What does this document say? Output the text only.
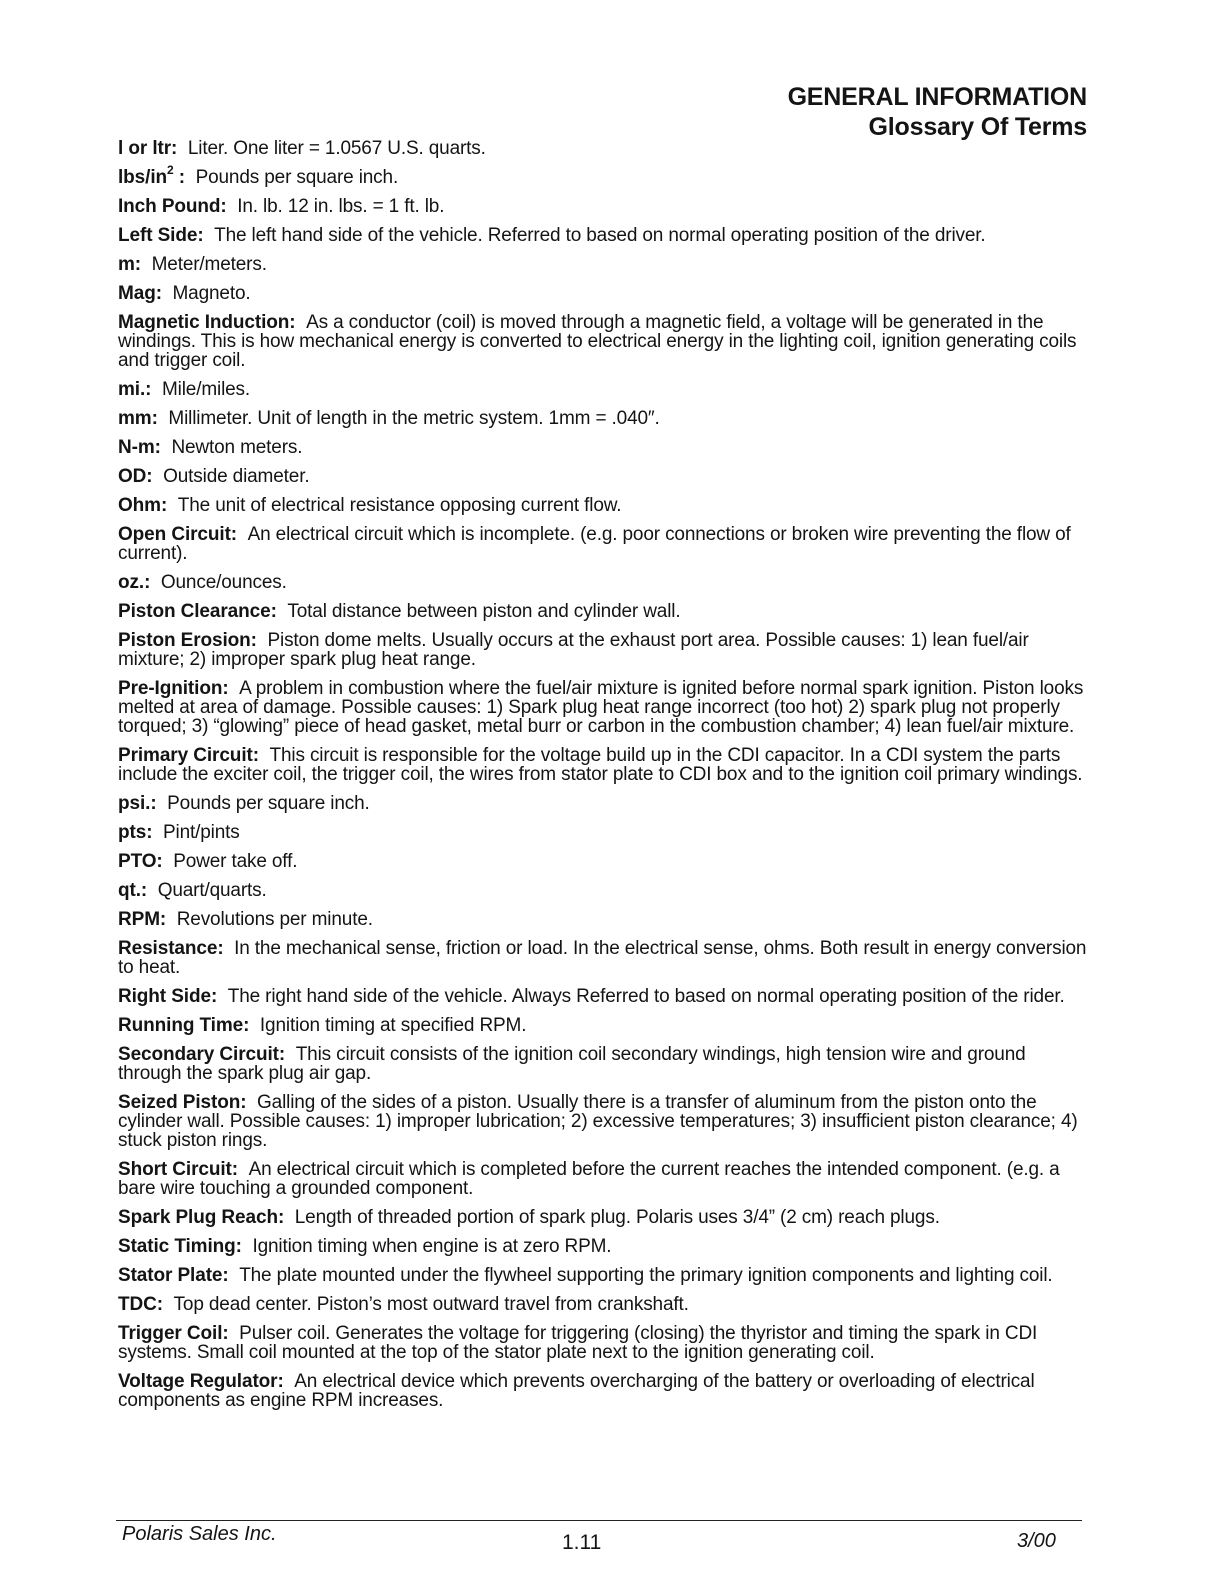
GENERAL INFORMATION
Glossary Of Terms

l or ltr: Liter. One liter = 1.0567 U.S. quarts.

lbs/$in^2$ : Pounds per square inch.

Inch Pound: In. lb. 12 in. lbs. = 1 ft. lb.

Left Side: The left hand side of the vehicle. Referred to based on normal operating position of the driver.

m: Meter/meters.

Mag: Magneto.

Magnetic Induction: As a conductor (coil) is moved through a magnetic field, a voltage will be generated in the windings. This is how mechanical energy is converted to electrical energy in the lighting coil, ignition generating coils and trigger coil.

mi.: Mile/miles.

mm: Millimeter. Unit of length in the metric system. 1mm = .040″.

N-m: Newton meters.

OD: Outside diameter.

Ohm: The unit of electrical resistance opposing current flow.

Open Circuit: An electrical circuit which is incomplete. (e.g. poor connections or broken wire preventing the flow of current).

oz.: Ounce/ounces.

Piston Clearance: Total distance between piston and cylinder wall.

Piston Erosion: Piston dome melts. Usually occurs at the exhaust port area. Possible causes: 1) lean fuel/air mixture; 2) improper spark plug heat range.

Pre-Ignition: A problem in combustion where the fuel/air mixture is ignited before normal spark ignition. Piston looks melted at area of damage. Possible causes: 1) Spark plug heat range incorrect (too hot) 2) spark plug not properly torqued; 3) “glowing” piece of head gasket, metal burr or carbon in the combustion chamber; 4) lean fuel/air mixture.

Primary Circuit: This circuit is responsible for the voltage build up in the CDI capacitor. In a CDI system the parts include the exciter coil, the trigger coil, the wires from stator plate to CDI box and to the ignition coil primary windings.

psi.: Pounds per square inch.

pts: Pint/pints

PTO: Power take off.

qt.: Quart/quarts.

RPM: Revolutions per minute.

Resistance: In the mechanical sense, friction or load. In the electrical sense, ohms. Both result in energy conversion to heat.

Right Side: The right hand side of the vehicle. Always Referred to based on normal operating position of the rider.

Running Time: Ignition timing at specified RPM.

Secondary Circuit: This circuit consists of the ignition coil secondary windings, high tension wire and ground through the spark plug air gap.

Seized Piston: Galling of the sides of a piston. Usually there is a transfer of aluminum from the piston onto the cylinder wall. Possible causes: 1) improper lubrication; 2) excessive temperatures; 3) insufficient piston clearance; 4) stuck piston rings.

Short Circuit: An electrical circuit which is completed before the current reaches the intended component. (e.g. a bare wire touching a grounded component.

Spark Plug Reach: Length of threaded portion of spark plug. Polaris uses 3/4” (2 cm) reach plugs.

Static Timing: Ignition timing when engine is at zero RPM.

Stator Plate: The plate mounted under the flywheel supporting the primary ignition components and lighting coil.

TDC: Top dead center. Piston’s most outward travel from crankshaft.

Trigger Coil: Pulser coil. Generates the voltage for triggering (closing) the thyristor and timing the spark in CDI systems. Small coil mounted at the top of the stator plate next to the ignition generating coil.

Voltage Regulator: An electrical device which prevents overcharging of the battery or overloading of electrical components as engine RPM increases.

Polaris Sales Inc.	1.11	3/00
